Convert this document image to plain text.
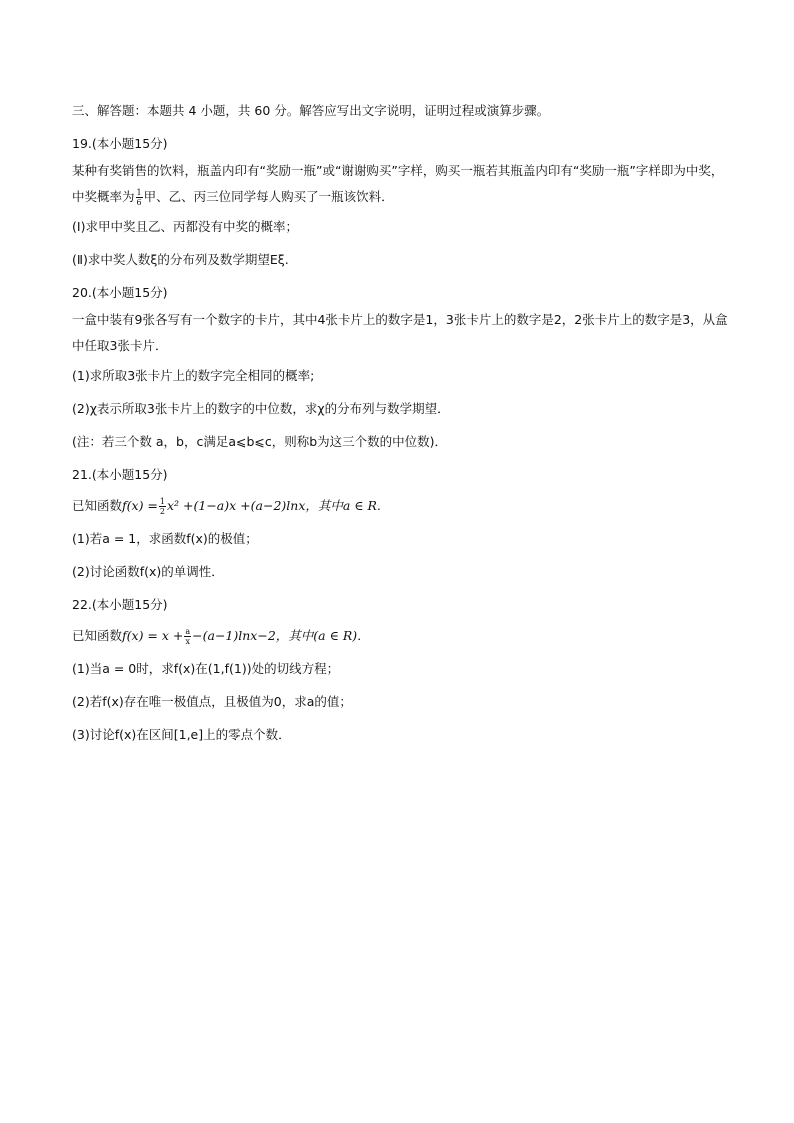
三、解答题：本题共 4 小题，共 60 分。解答应写出文字说明，证明过程或演算步骤。
19.(本小题15分)
某种有奖销售的饮料，瓶盖内印有“奖励一瓶”或“谢谢购买”字样，购买一瓶若其瓶盖内印有“奖励一瓶”字样即为中奖，中奖概率为 $\frac{1}{6}$ 甲、乙、丙三位同学每人购买了一瓶该饮料．
(Ⅰ)求甲中奖且乙、丙都没有中奖的概率；
(Ⅱ)求中奖人数ξ的分布列及数学期望Eξ.
20.(本小题15分)
一盒中装有9张各写有一个数字的卡片，其中4张卡片上的数字是1，3张卡片上的数字是2，2张卡片上的数字是3，从盒中任取3张卡片．
(1)求所取3张卡片上的数字完全相同的概率;
(2)χ表示所取3张卡片上的数字的中位数，求χ的分布列与数学期望．
(注：若三个数 a，b，c满足a⩽b⩽c，则称b为这三个数的中位数)．
21.(本小题15分)
已知函数$f(x) = \frac{1}{2} x^2 +(1-a)x +(a-2)\ln x$，其中a ∈ R.
(1)若a = 1，求函数f(x)的极值；
(2)讨论函数f(x)的单调性．
22.(本小题15分)
已知函数$f(x) = x + \frac{a}{x} -(a-1)\ln x-2$，其中(a ∈ R)．
(1)当a = 0时，求f(x)在(1,f(1))处的切线方程；
(2)若f(x)存在唯一极值点，且极值为0，求a的值；
(3)讨论f(x)在区间[1,e]上的零点个数．
